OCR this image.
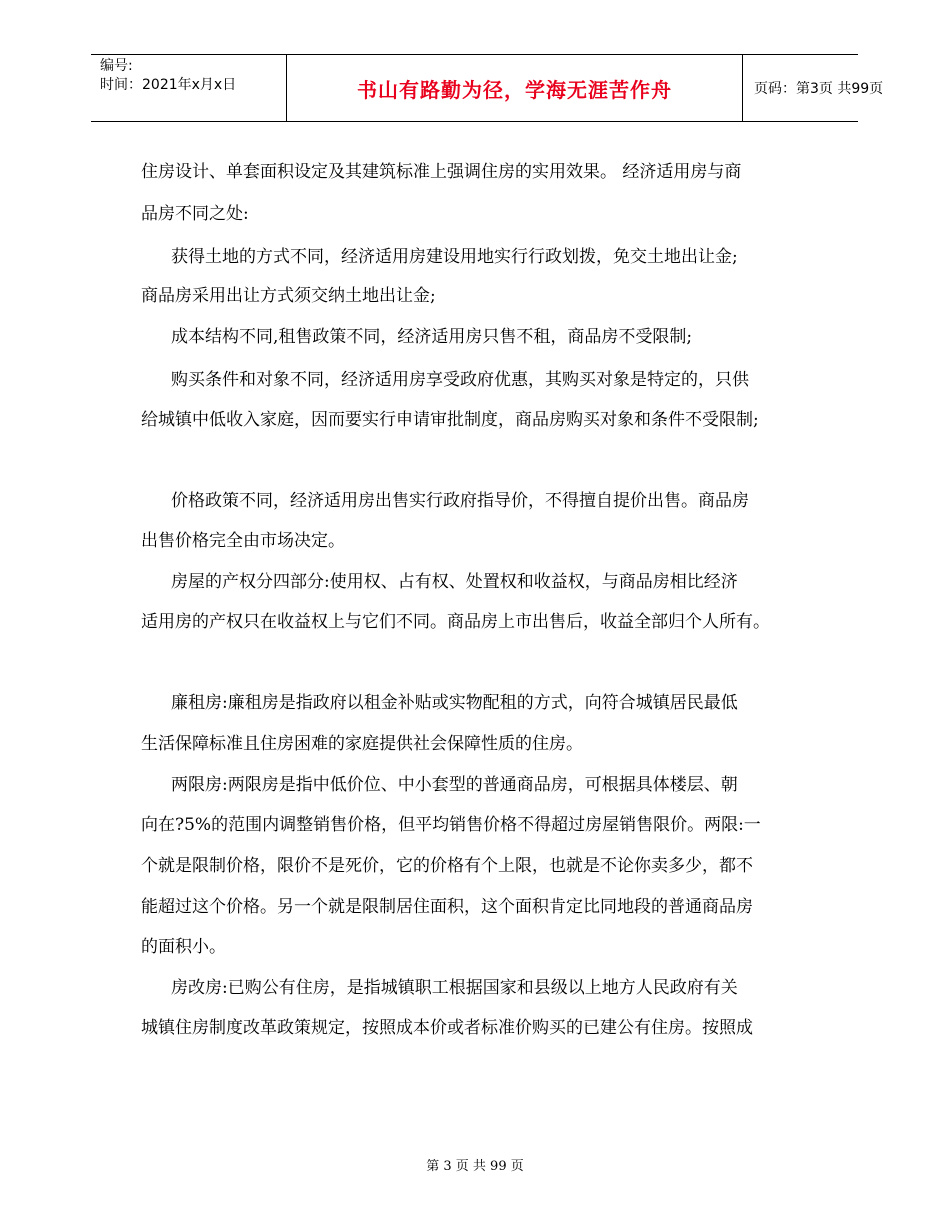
编号:
时间：2021年x月x日	书山有路勤为径，学海无涯苦作舟	页码：第3页 共99页
住房设计、单套面积设定及其建筑标准上强调住房的实用效果。 经济适用房与商
品房不同之处:
获得土地的方式不同，经济适用房建设用地实行行政划拨，免交土地出让金;
商品房采用出让方式须交纳土地出让金;
成本结构不同,租售政策不同，经济适用房只售不租，商品房不受限制;
购买条件和对象不同，经济适用房享受政府优惠，其购买对象是特定的，只供
给城镇中低收入家庭，因而要实行申请审批制度，商品房购买对象和条件不受限制;
价格政策不同，经济适用房出售实行政府指导价，不得擅自提价出售。商品房
出售价格完全由市场决定。
房屋的产权分四部分:使用权、占有权、处置权和收益权，与商品房相比经济
适用房的产权只在收益权上与它们不同。商品房上市出售后，收益全部归个人所有。
廉租房:廉租房是指政府以租金补贴或实物配租的方式，向符合城镇居民最低
生活保障标准且住房困难的家庭提供社会保障性质的住房。
两限房:两限房是指中低价位、中小套型的普通商品房，可根据具体楼层、朝
向在?5%的范围内调整销售价格，但平均销售价格不得超过房屋销售限价。两限:一
个就是限制价格，限价不是死价，它的价格有个上限，也就是不论你卖多少，都不
能超过这个价格。另一个就是限制居住面积，这个面积肯定比同地段的普通商品房
的面积小。
房改房:已购公有住房，是指城镇职工根据国家和县级以上地方人民政府有关
城镇住房制度改革政策规定，按照成本价或者标准价购买的已建公有住房。按照成
第 3 页 共 99 页
